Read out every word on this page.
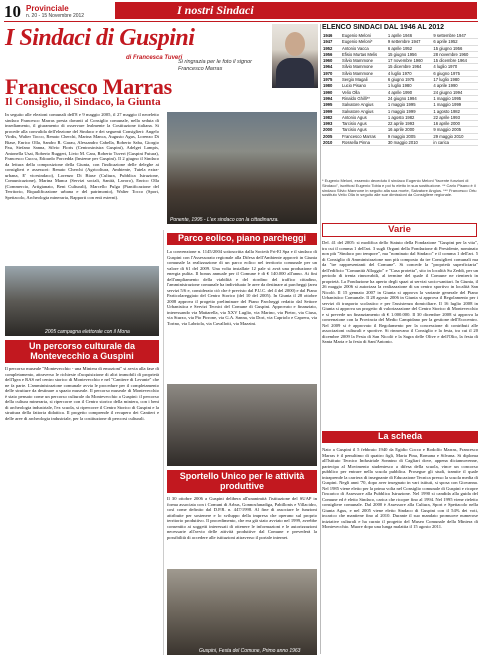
10 Provinciale
n. 20 - 15 Novembre 2012	I nostri Sindaci
I Sindaci di Guspini
di Francesca Tuveri
Si ringrazia per le foto il signor Francesco Marras
Francesco Marras
Il Consiglio, il Sindaco, la Giunta
In seguito alle elezioni comunali dell'8 e 9 maggio 2005, il 27 maggio il neoeletto sindaco Francesco Marras presta davanti al Consiglio comunale, nella seduta di insediamento, il giuramento di osservare lealmente la Costituzione italiana. Si procede alla convalida dell'elezione del Sindaco e dei seguenti Consiglieri: Angelo Virdis, Walter Tocco, Renato Cherchi, Marina Manca, Augusto Agus, Lorenzo Di Biase, Enrico Olla, Sandro R. Garau, Alessandro Cabella, Roberto Saba, Giorgio Pau, Stefano Sanna, Silvio Floris (Centrosinistra Guspini), Adelgei Lampis, Antonella Usai, Roberto Ruggeri, Livio M. Cara, Roberto Tuveri (Guspini Futura), Francesco Cuccu, Edoardo Porcedda (Insieme per Guspini). Il 2 giugno il Sindaco da lettura della composizione della Giunta, con l'indicazione delle deleghe ai consiglieri e assessori: Renato Cherchi (Agricoltura, Ambiente, Tutela extra-urbana, E' vicesindaco), Lorenzo Di Biase (Cultura, Pubblica Istruzione, Comunicazione), Marina Manca (Servizi sociali, Sanità, Lavoro), Enrico Olla (Commercio, Artigianato, Beni Culturali), Marcello Pulga (Pianificazione del Territorio, Riqualificazione urbana e del patrimonio), Walter Tocco (Sport, Spettacolo, Archeologia mineraria, Rapporti con enti esterni).
Ponente, 1995 - L'ex sindaco con la cittadinanza.
2005 campagna elettorale con il Mona
Un percorso culturale da Montevecchio a Guspini
Il percorso museale "Montevecchio - una Miniera di emozioni" si avvia alla fase di completamento, attraverso le richieste d'acquisizione di altri immobili di proprietà dell'Igea e RAS nel centro storico di Montevecchio e nel "Cantiere di Levante" che ne fa parte. L'amministrazione comunale avvia le procedure per il completamento delle strutture da destinare a spazio museale. Il percorso museale di Montevecchio è stato pensato come un percorso culturale da Montevecchio a Guspini: il percorso della cultura mineraria, si ripercorre con il Centro storico della miniera, con i beni di archeologia industriale, l'ex scuola, si ripercorre il Centro Storico di Guspini e la struttura della fattoria didattica. Il progetto comprende il recupero dei Cantieri e delle aree di archeologia industriale, per la costituzione di percorsi culturali.
Parco eolico, piano parcheggi
La convenzione n. 1145/2004 sottoscritta dalla Società Fri-El Spa e il sindaco di Guspini con l'Assessorato regionale alla Difesa dell'Ambiente approvò in Giunta comunale la realizzazione di un parco eolico nel territorio comunale per un valore di 61 del 2009. Una volta installate 12 pale si avrà una produzione di energia pulita. Il bonus annuale per il Comune è di € 140.000 all'anno. Ai fini dell'ampliamento della viabilità e del riordino del traffico cittadino, l'amministrazione comunale ha individuato le aree da destinare ai parcheggi (area servizi 5/6 e, considerato ciò che è previsto dal P.U.C. del 4 del 2000) e dal Piano Particolareggiato del Centro Storico (del 10 del 2005). In Giunta il 28 ottobre 2008 approva il progetto preliminare del Piano Parcheggi redatto dal Settore Urbanistica e Servizi Tecnici del Comune di Guspini. Approvato e finanziato, interessando via Mattarella, via XXV Luglio, via Marino, via Pietro, via Ciusa, via Sturzo, via Pio Pirrone, via G.A. Sanna, via Dori, via Capriolo e Caprera, via Torino, via Labriola, via Cavallotti, via Mazzini.
Sportello Unico per le attività produttive
Il 30 ottobre 2006 a Guspini delibera all'unanimità l'istituzione del SUAP in forma associata con i Comuni di Arbus, Gonnosfanadiga, Pabillonis e Villacidro, così come definito dal D.P.R. n. 447/1998. Al fine di associare le funzioni attribuite per sostenere e lo sviluppo della impresa che operano sul proprio territorio produttivo. Il procedimento, che era già stato avviato nel 1999, avrebbe consentito ai soggetti interessati di ottenere le informazioni e le autorizzazioni necessarie all'avvio delle attività produttive dal Comune e prevederà la possibilità di accedere alle istituzioni attraverso il portale internet.
Guspini, Festa del Comune, Primo anno 1963
ELENCO SINDACI DAL 1946 AL 2012
1946	Eugenio Meloni	1 aprile 1946	9 settembre 1947
1947	Eugenio Meloni*	9 settembre 1947	6 aprile 1952
1952	Antonio Vacca	6 aprile 1952	15 giugno 1956
1956	Efisio Murtas Melis	15 giugno 1956	28 novembre 1960
1960	Silvio Mammone	17 novembre 1960	15 dicembre 1964
1964	Silvio Mammone	15 dicembre 1964	4 luglio 1970
1970	Silvio Mammone	4 luglio 1970	6 giugno 1975
1975	Sergio Magali	6 giugno 1975	17 luglio 1980
1980	Lucio Pisano	1 luglio 1980	4 aprile 1990
1990	Velio Olla	4 aprile 1990	24 giugno 1994
1994	Rinaldo Ghilli**	24 giugno 1994	1 maggio 1995
1995	Salvatore Angius	1 maggio 1995	1 maggio 1999
1999	Salvatore Angius	1 maggio 1999	1 agosto 1982
1982	Antonio Agus	1 agosto 1982	22 aprile 1993
1993	Tarcisio Agus	22 aprile 1993	16 aprile 2000
2000	Tarcisio Agus	16 aprile 2000	9 maggio 2005
2005	Francesco Marras	9 maggio 2005	29 maggio 2010
2010	Rossella Pinna	30 maggio 2010	in carica
* Eugenio Meloni, essendo deceduto il sindaco Eugenio Meloni "facente funzioni di Sindaco", iscrittosi Eugenio Tobia e poi fu eletto in sua sostituzione. ** Carlo Pisano è il sindaco Silvio Mannone in seguito alla sua morte, Salvatore Angius. *** Francesco Ortu sostituto Velio Olla in seguito alle sue dimissioni da Consigliere regionale.
Varie
Del. 41 del 2005: si modifica dello Statuto della Fondazione "Guspini per la vita", tra cui il comma 1 dell'art. 3 sugli Organi della Fondazione di Presidente, nominato non più "Sindaco pro tempore", ma "nominato dal Sindaco" e il comma 1 dell'art. 5 di Consiglio di Amministrazione non più composto da tre Consiglieri comunali ma da "tre rappresentanti del Comune". Si concede la "proprietà superficiaria" dell'edificio "Comunità Alloggio" e "Casa protetta", sito in località Su Zeddi, per un periodo di trenta rinnovabili, al termine del quale il Comune ne rientrerà in proprietà. La Fondazione ha aperto degli spazi ai servizi socio-sanitari. In Giunta, il 26 maggio 2006 si autorizza la realizzazione di un centro sportivo in località San Nicolò. Il 15 gennaio 2007 in Giunta si approva la variante generale del Piano Urbanistico Comunale. Il 28 agosto 2006 in Giunta si approva il Regolamento per i servizi di trasporto scolastico e per l'assistenza domiciliare. Il 16 luglio 2008 in Giunta si approva un progetto di valorizzazione del Centro Storico di Montevecchio e si prevede un finanziamento di € 1.000.000. Il 30 dicembre 2008 si approva la convenzione con la Provincia del Medio Campidano per la gestione dell'Ecocentro. Nel 2009 si è approvato il Regolamento per la concessione di contributi alle associazioni culturali e sportive. Si rinnovano il Consiglio e la festa, tra cui il 20 dicembre 2009 la Festa di San Nicolò e la Sagra delle Olive e dell'Olio, la festa di Santa Maria e la festa di Sant'Antonio.
La scheda
Nato a Guspini il 5 febbraio 1940 da Egidio Cocco e Rodolfo Marras, Francesco Marras è il penultimo di quattro figli, Maria Pina, Romana e Silvana. Si diploma all'Istituto Tecnico Industriale Sonnino di Cagliari dove, appena diciannovenne, partecipa al Movimento studentesco a difesa della scuola, vince un concorso pubblico per entrare nella scuola pubblica. Prosegue gli studi, tramite il quale intraprende la carriera di insegnante di Educazione Tecnica presso la scuola media di Guspini. Negli anni '70, dopo aver insegnato in vari istituti, si sposa con Giovanna. Nel 1985 viene eletto per la prima volta nel Consiglio comunale di Guspini e ricopre l'incarico di Assessore alla Pubblica Istruzione. Nel 1990 si candida alla guida del Comune ed è eletto Sindaco, carica che ricopre fino al 1994. Nel 1995 viene rieletto consigliere comunale. Dal 2000 è Assessore alla Cultura, Sport e Spettacolo nella Giunta Agus, e nel 2005 viene eletto Sindaco di Guspini con il 54% dei voti, incarico che mantiene fino al 2010. Durante il suo mandato promuove numerose iniziative culturali e ha curato il progetto del Museo Comunale della Miniera di Montevecchio. Muore dopo una lunga malattia il 15 agosto 2011.
